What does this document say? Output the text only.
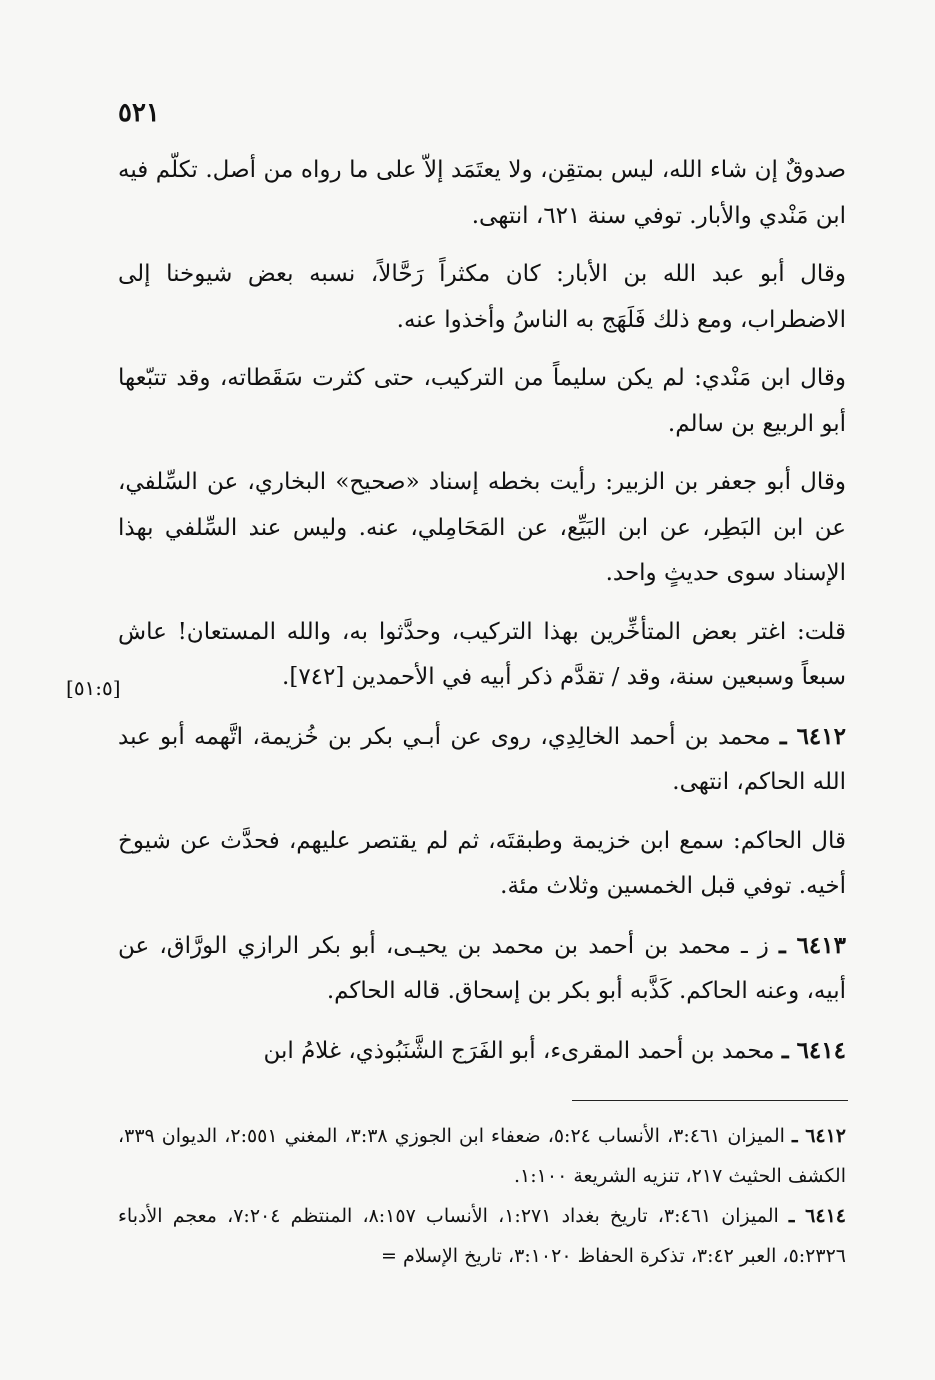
٥٢١

صدوقٌ إن شاء الله، ليس بمتقِن، ولا يعتَمَد إلاّ على ما رواه من أصل. تكلّم فيه ابن مَنْدي والأبار. توفي سنة ٦٢١، انتهى.

وقال أبو عبد الله بن الأبار: كان مكثراً رَحَّالاً، نسبه بعض شيوخنا إلى الاضطراب، ومع ذلك فَلَهَج به الناسُ وأخذوا عنه.

وقال ابن مَنْدي: لم يكن سليماً من التركيب، حتى كثرت سَقَطاته، وقد تتبّعها أبو الربيع بن سالم.

وقال أبو جعفر بن الزبير: رأيت بخطه إسناد «صحيح» البخاري، عن السِّلفي، عن ابن البَطِر، عن ابن البَيِّع، عن المَحَامِلي، عنه. وليس عند السِّلفي بهذا الإسناد سوى حديثٍ واحد.

قلت: اغتر بعض المتأخِّرين بهذا التركيب، وحدَّثوا به، والله المستعان! عاش سبعاً وسبعين سنة، وقد / تقدَّم ذكر أبيه في الأحمدين [٧٤٢].

٦٤١٢ ـ محمد بن أحمد الخالِدِي، روى عن أبـي بكر بن خُزيمة، اتَّهمه أبو عبد الله الحاكم، انتهى.

قال الحاكم: سمع ابن خزيمة وطبقتَه، ثم لم يقتصر عليهم، فحدَّث عن شيوخ أخيه. توفي قبل الخمسين وثلاث مئة.

٦٤١٣ ـ ز ـ محمد بن أحمد بن محمد بن يحيـى، أبو بكر الرازي الورَّاق، عن أبيه، وعنه الحاكم. كَذَّبه أبو بكر بن إسحاق. قاله الحاكم.

٦٤١٤ ـ محمد بن أحمد المقرىء، أبو الفَرَج الشَّنَبُوذي، غلامُ ابن

[٥١:٥]

٦٤١٢ ـ الميزان ٣:٤٦١، الأنساب ٥:٢٤، ضعفاء ابن الجوزي ٣:٣٨، المغني ٢:٥٥١، الديوان ٣٣٩، الكشف الحثيث ٢١٧، تنزيه الشريعة ١:١٠٠.

٦٤١٤ ـ الميزان ٣:٤٦١، تاريخ بغداد ١:٢٧١، الأنساب ٨:١٥٧، المنتظم ٧:٢٠٤، معجم الأدباء ٥:٢٣٢٦، العبر ٣:٤٢، تذكرة الحفاظ ٣:١٠٢٠، تاريخ الإسلام =
